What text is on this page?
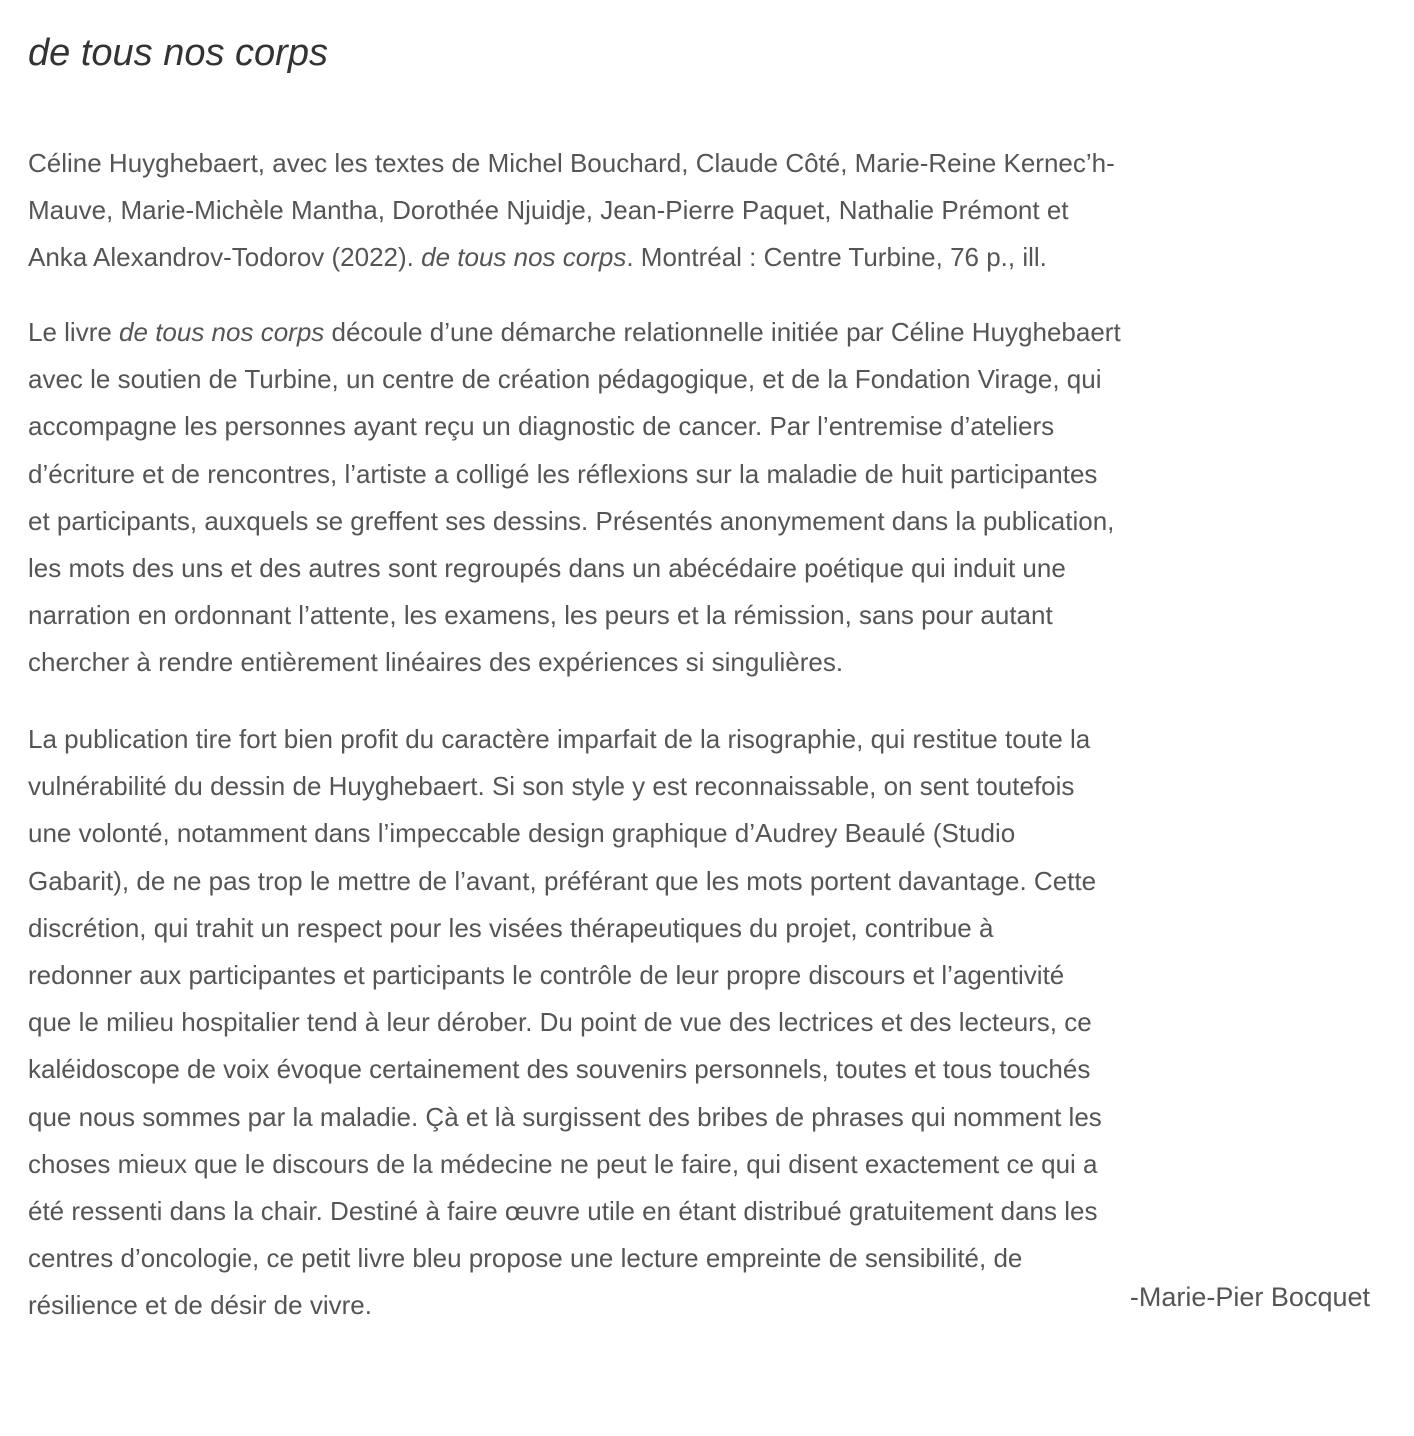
de tous nos corps

Céline Huyghebaert, avec les textes de Michel Bouchard, Claude Côté, Marie-Reine Kernec’h-
Mauve, Marie-Michèle Mantha, Dorothée Njuidje, Jean-Pierre Paquet, Nathalie Prémont et
Anka Alexandrov-Todorov (2022). de tous nos corps. Montréal : Centre Turbine, 76 p., ill.

Le livre de tous nos corps découle d’une démarche relationnelle initiée par Céline Huyghebaert
avec le soutien de Turbine, un centre de création pédagogique, et de la Fondation Virage, qui
accompagne les personnes ayant reçu un diagnostic de cancer. Par l’entremise d’ateliers
d’écriture et de rencontres, l’artiste a colligé les réflexions sur la maladie de huit participantes
et participants, auxquels se greffent ses dessins. Présentés anonymement dans la publication,
les mots des uns et des autres sont regroupés dans un abécédaire poétique qui induit une
narration en ordonnant l’attente, les examens, les peurs et la rémission, sans pour autant
chercher à rendre entièrement linéaires des expériences si singulières.

La publication tire fort bien profit du caractère imparfait de la risographie, qui restitue toute la
vulnérabilité du dessin de Huyghebaert. Si son style y est reconnaissable, on sent toutefois
une volonté, notamment dans l’impeccable design graphique d’Audrey Beaulé (Studio
Gabarit), de ne pas trop le mettre de l’avant, préférant que les mots portent davantage. Cette
discrétion, qui trahit un respect pour les visées thérapeutiques du projet, contribue à
redonner aux participantes et participants le contrôle de leur propre discours et l’agentivité
que le milieu hospitalier tend à leur dérober. Du point de vue des lectrices et des lecteurs, ce
kaléidoscope de voix évoque certainement des souvenirs personnels, toutes et tous touchés
que nous sommes par la maladie. Çà et là surgissent des bribes de phrases qui nomment les
choses mieux que le discours de la médecine ne peut le faire, qui disent exactement ce qui a
été ressenti dans la chair. Destiné à faire œuvre utile en étant distribué gratuitement dans les
centres d’oncologie, ce petit livre bleu propose une lecture empreinte de sensibilité, de
résilience et de désir de vivre.	-Marie-Pier Bocquet
